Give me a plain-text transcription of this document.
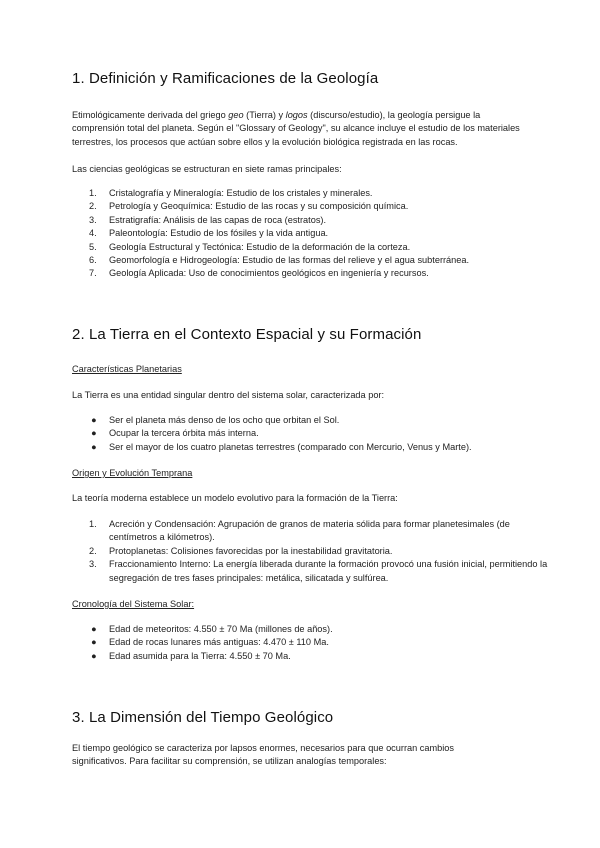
1. Definición y Ramificaciones de la Geología

Etimológicamente derivada del griego geo (Tierra) y logos (discurso/estudio), la geología persigue la comprensión total del planeta. Según el "Glossary of Geology", su alcance incluye el estudio de los materiales terrestres, los procesos que actúan sobre ellos y la evolución biológica registrada en las rocas.

Las ciencias geológicas se estructuran en siete ramas principales:

1. Cristalografía y Mineralogía: Estudio de los cristales y minerales.
2. Petrología y Geoquímica: Estudio de las rocas y su composición química.
3. Estratigrafía: Análisis de las capas de roca (estratos).
4. Paleontología: Estudio de los fósiles y la vida antigua.
5. Geología Estructural y Tectónica: Estudio de la deformación de la corteza.
6. Geomorfología e Hidrogeología: Estudio de las formas del relieve y el agua subterránea.
7. Geología Aplicada: Uso de conocimientos geológicos en ingeniería y recursos.
2. La Tierra en el Contexto Espacial y su Formación

Características Planetarias

La Tierra es una entidad singular dentro del sistema solar, caracterizada por:

● Ser el planeta más denso de los ocho que orbitan el Sol.
● Ocupar la tercera órbita más interna.
● Ser el mayor de los cuatro planetas terrestres (comparado con Mercurio, Venus y Marte).

Origen y Evolución Temprana

La teoría moderna establece un modelo evolutivo para la formación de la Tierra:

1. Acreción y Condensación: Agrupación de granos de materia sólida para formar planetesimales (de centímetros a kilómetros).
2. Protoplanetas: Colisiones favorecidas por la inestabilidad gravitatoria.
3. Fraccionamiento Interno: La energía liberada durante la formación provocó una fusión inicial, permitiendo la segregación de tres fases principales: metálica, silicatada y sulfúrea.

Cronología del Sistema Solar:

● Edad de meteoritos: 4.550 ± 70 Ma (millones de años).
● Edad de rocas lunares más antiguas: 4.470 ± 110 Ma.
● Edad asumida para la Tierra: 4.550 ± 70 Ma.
3. La Dimensión del Tiempo Geológico

El tiempo geológico se caracteriza por lapsos enormes, necesarios para que ocurran cambios significativos. Para facilitar su comprensión, se utilizan analogías temporales:
